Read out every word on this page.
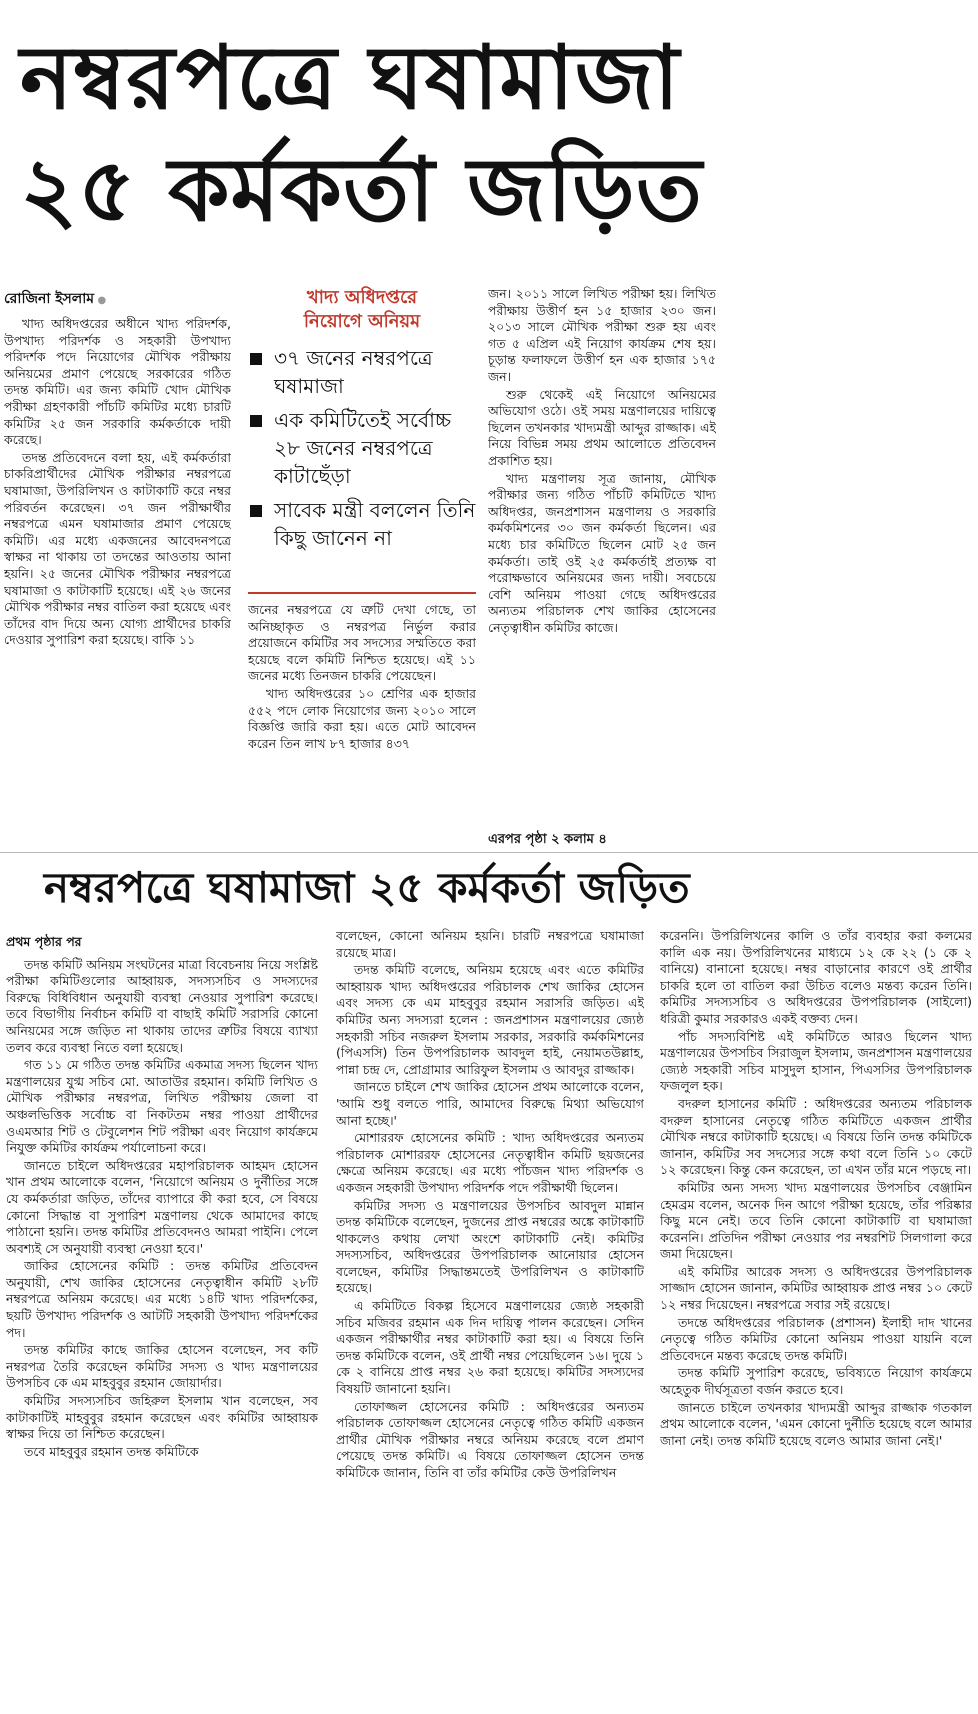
নম্বরপত্রে ঘষামাজা
২৫ কর্মকর্তা জড়িত
রোজিনা ইসলাম ●

খাদ্য অধিদপ্তরের অধীনে খাদ্য পরিদর্শক, উপখাদ্য পরিদর্শক ও সহকারী উপখাদ্য পরিদর্শক পদে নিয়োগের মৌখিক পরীক্ষায় অনিয়মের প্রমাণ পেয়েছে সরকারের গঠিত তদন্ত কমিটি। এর জন্য কমিটি খোদ মৌখিক পরীক্ষা গ্রহণকারী পাঁচটি কমিটির মধ্যে চারটি কমিটির ২৫ জন সরকারি কর্মকর্তাকে দায়ী করেছে।

তদন্ত প্রতিবেদনে বলা হয়, এই কর্মকর্তারা চাকরিপ্রার্থীদের মৌখিক পরীক্ষার নম্বরপত্রে ঘষামাজা, উপরিলিখন ও কাটাকাটি করে নম্বর পরিবর্তন করেছেন। ৩৭ জন পরীক্ষার্থীর নম্বরপত্রে এমন ঘষামাজার প্রমাণ পেয়েছে কমিটি। এর মধ্যে একজনের আবেদনপত্রে স্বাক্ষর না থাকায় তা তদন্তের আওতায় আনা হয়নি। ২৫ জনের মৌখিক পরীক্ষার নম্বরপত্রে ঘষামাজা ও কাটাকাটি হয়েছে। এই ২৬ জনের মৌখিক পরীক্ষার নম্বর বাতিল করা হয়েছে এবং তাঁদের বাদ দিয়ে অন্য যোগ্য প্রার্থীদের চাকরি দেওয়ার সুপারিশ করা হয়েছে। বাকি ১১

খাদ্য অধিদপ্তরে
নিয়োগে অনিয়ম
৩৭ জনের নম্বরপত্রে ঘষামাজা
এক কমিটিতেই সর্বোচ্চ ২৮ জনের নম্বরপত্রে কাটাছেঁড়া
সাবেক মন্ত্রী বললেন তিনি কিছু জানেন না

জনের নম্বরপত্রে যে ত্রুটি দেখা গেছে, তা অনিচ্ছাকৃত ও নম্বরপত্র নির্ভুল করার প্রয়োজনে কমিটির সব সদস্যের সম্মতিতে করা হয়েছে বলে কমিটি নিশ্চিত হয়েছে। এই ১১ জনের মধ্যে তিনজন চাকরি পেয়েছেন।

খাদ্য অধিদপ্তরের ১০ শ্রেণির এক হাজার ৫৫২ পদে লোক নিয়োগের জন্য ২০১০ সালে বিজ্ঞপ্তি জারি করা হয়। এতে মোট আবেদন করেন তিন লাখ ৮৭ হাজার ৪৩৭

জন। ২০১১ সালে লিখিত পরীক্ষা হয়। লিখিত পরীক্ষায় উত্তীর্ণ হন ১৫ হাজার ২৩০ জন। ২০১৩ সালে মৌখিক পরীক্ষা শুরু হয় এবং গত ৫ এপ্রিল এই নিয়োগ কার্যক্রম শেষ হয়। চূড়ান্ত ফলাফলে উত্তীর্ণ হন এক হাজার ১৭৫ জন।

শুরু থেকেই এই নিয়োগে অনিয়মের অভিযোগ ওঠে। ওই সময় মন্ত্রণালয়ের দায়িত্বে ছিলেন তখনকার খাদ্যমন্ত্রী আব্দুর রাজ্জাক। এই নিয়ে বিভিন্ন সময় প্রথম আলোতে প্রতিবেদন প্রকাশিত হয়।

খাদ্য মন্ত্রণালয় সূত্র জানায়, মৌখিক পরীক্ষার জন্য গঠিত পাঁচটি কমিটিতে খাদ্য অধিদপ্তর, জনপ্রশাসন মন্ত্রণালয় ও সরকারি কর্মকমিশনের ৩০ জন কর্মকর্তা ছিলেন। এর মধ্যে চার কমিটিতে ছিলেন মোট ২৫ জন কর্মকর্তা। তাই ওই ২৫ কর্মকর্তাই প্রত্যক্ষ বা পরোক্ষভাবে অনিয়মের জন্য দায়ী। সবচেয়ে বেশি অনিয়ম পাওয়া গেছে অধিদপ্তরের অন্যতম পরিচালক শেখ জাকির হোসেনের নেতৃত্বাধীন কমিটির কাজে।

এরপর পৃষ্ঠা ২ কলাম ৪
নম্বরপত্রে ঘষামাজা ২৫ কর্মকর্তা জড়িত

প্রথম পৃষ্ঠার পর

তদন্ত কমিটি অনিয়ম সংঘটনের মাত্রা বিবেচনায় নিয়ে সংশ্লিষ্ট পরীক্ষা কমিটিগুলোর আহ্বায়ক, সদস্যসচিব ও সদস্যদের বিরুদ্ধে বিধিবিধান অনুযায়ী ব্যবস্থা নেওয়ার সুপারিশ করেছে। তবে বিভাগীয় নির্বাচন কমিটি বা বাছাই কমিটি সরাসরি কোনো অনিয়মের সঙ্গে জড়িত না থাকায় তাদের ত্রুটির বিষয়ে ব্যাখ্যা তলব করে ব্যবস্থা নিতে বলা হয়েছে।

গত ১১ মে গঠিত তদন্ত কমিটির একমাত্র সদস্য ছিলেন খাদ্য মন্ত্রণালয়ের যুগ্ম সচিব মো. আতাউর রহমান। কমিটি লিখিত ও মৌখিক পরীক্ষার নম্বরপত্র, লিখিত পরীক্ষায় জেলা বা অঞ্চলভিত্তিক সর্বোচ্চ বা নিকটতম নম্বর পাওয়া প্রার্থীদের ওএমআর শিট ও টেবুলেশন শিট পরীক্ষা এবং নিয়োগ কার্যক্রমে নিযুক্ত কমিটির কার্যক্রম পর্যালোচনা করে।

জানতে চাইলে অধিদপ্তরের মহাপরিচালক আহমদ হোসেন খান প্রথম আলোকে বলেন, 'নিয়োগে অনিয়ম ও দুর্নীতির সঙ্গে যে কর্মকর্তারা জড়িত, তাঁদের ব্যাপারে কী করা হবে, সে বিষয়ে কোনো সিদ্ধান্ত বা সুপারিশ মন্ত্রণালয় থেকে আমাদের কাছে পাঠানো হয়নি। তদন্ত কমিটির প্রতিবেদনও আমরা পাইনি। পেলে অবশ্যই সে অনুযায়ী ব্যবস্থা নেওয়া হবে।'

জাকির হোসেনের কমিটি : তদন্ত কমিটির প্রতিবেদন অনুযায়ী, শেখ জাকির হোসেনের নেতৃত্বাধীন কমিটি ২৮টি নম্বরপত্রে অনিয়ম করেছে। এর মধ্যে ১৪টি খাদ্য পরিদর্শকের, ছয়টি উপখাদ্য পরিদর্শক ও আটটি সহকারী উপখাদ্য পরিদর্শকের পদ।

তদন্ত কমিটির কাছে জাকির হোসেন বলেছেন, সব কটি নম্বরপত্র তৈরি করেছেন কমিটির সদস্য ও খাদ্য মন্ত্রণালয়ের উপসচিব কে এম মাহবুবুর রহমান জোয়ার্দার।

কমিটির সদস্যসচিব জহিরুল ইসলাম খান বলেছেন, সব কাটাকাটিই মাহবুবুর রহমান করেছেন এবং কমিটির আহ্বায়ক স্বাক্ষর দিয়ে তা নিশ্চিত করেছেন।

তবে মাহবুবুর রহমান তদন্ত কমিটিকে

বলেছেন, কোনো অনিয়ম হয়নি। চারটি নম্বরপত্রে ঘষামাজা রয়েছে মাত্র।

তদন্ত কমিটি বলেছে, অনিয়ম হয়েছে এবং এতে কমিটির আহ্বায়ক খাদ্য অধিদপ্তরের পরিচালক শেখ জাকির হোসেন এবং সদস্য কে এম মাহবুবুর রহমান সরাসরি জড়িত। এই কমিটির অন্য সদস্যরা হলেন : জনপ্রশাসন মন্ত্রণালয়ের জ্যেষ্ঠ সহকারী সচিব নজরুল ইসলাম সরকার, সরকারি কর্মকমিশনের (পিএসসি) তিন উপপরিচালক আবদুল হাই, নেয়ামতউল্লাহ, পান্না চন্দ্র দে, প্রোগ্রামার আরিফুল ইসলাম ও আবদুর রাজ্জাক।

জানতে চাইলে শেখ জাকির হোসেন প্রথম আলোকে বলেন, 'আমি শুধু বলতে পারি, আমাদের বিরুদ্ধে মিথ্যা অভিযোগ আনা হচ্ছে।'

মোশাররফ হোসেনের কমিটি : খাদ্য অধিদপ্তরের অন্যতম পরিচালক মোশাররফ হোসেনের নেতৃত্বাধীন কমিটি ছয়জনের ক্ষেত্রে অনিয়ম করেছে। এর মধ্যে পাঁচজন খাদ্য পরিদর্শক ও একজন সহকারী উপখাদ্য পরিদর্শক পদে পরীক্ষার্থী ছিলেন।

কমিটির সদস্য ও মন্ত্রণালয়ের উপসচিব আবদুল মান্নান তদন্ত কমিটিকে বলেছেন, দুজনের প্রাপ্ত নম্বরের অঙ্কে কাটাকাটি থাকলেও কথায় লেখা অংশে কাটাকাটি নেই। কমিটির সদস্যসচিব, অধিদপ্তরের উপপরিচালক আনোয়ার হোসেন বলেছেন, কমিটির সিদ্ধান্তমতেই উপরিলিখন ও কাটাকাটি হয়েছে।

এ কমিটিতে বিকল্প হিসেবে মন্ত্রণালয়ের জ্যেষ্ঠ সহকারী সচিব মজিবর রহমান এক দিন দায়িত্ব পালন করেছেন। সেদিন একজন পরীক্ষার্থীর নম্বর কাটাকাটি করা হয়। এ বিষয়ে তিনি তদন্ত কমিটিকে বলেন, ওই প্রার্থী নম্বর পেয়েছিলেন ১৬। দুয়ে ১ কে ২ বানিয়ে প্রাপ্ত নম্বর ২৬ করা হয়েছে। কমিটির সদস্যদের বিষয়টি জানানো হয়নি।

তোফাজ্জল হোসেনের কমিটি : অধিদপ্তরের অন্যতম পরিচালক তোফাজ্জল হোসেনের নেতৃত্বে গঠিত কমিটি একজন প্রার্থীর মৌখিক পরীক্ষার নম্বরে অনিয়ম করেছে বলে প্রমাণ পেয়েছে তদন্ত কমিটি। এ বিষয়ে তোফাজ্জল হোসেন তদন্ত কমিটিকে জানান, তিনি বা তাঁর কমিটির কেউ উপরিলিখন

করেননি। উপরিলিখনের কালি ও তাঁর ব্যবহার করা কলমের কালি এক নয়। উপরিলিখনের মাধ্যমে ১২ কে ২২ (১ কে ২ বানিয়ে) বানানো হয়েছে। নম্বর বাড়ানোর কারণে ওই প্রার্থীর চাকরি হলে তা বাতিল করা উচিত বলেও মন্তব্য করেন তিনি। কমিটির সদস্যসচিব ও অধিদপ্তরের উপপরিচালক (সাইলো) ধরিত্রী কুমার সরকারও একই বক্তব্য দেন।

পাঁচ সদস্যবিশিষ্ট এই কমিটিতে আরও ছিলেন খাদ্য মন্ত্রণালয়ের উপসচিব সিরাজুল ইসলাম, জনপ্রশাসন মন্ত্রণালয়ের জ্যেষ্ঠ সহকারী সচিব মাসুদুল হাসান, পিএসসির উপপরিচালক ফজলুল হক।

বদরুল হাসানের কমিটি : অধিদপ্তরের অন্যতম পরিচালক বদরুল হাসানের নেতৃত্বে গঠিত কমিটিতে একজন প্রার্থীর মৌখিক নম্বরে কাটাকাটি হয়েছে। এ বিষয়ে তিনি তদন্ত কমিটিকে জানান, কমিটির সব সদস্যের সঙ্গে কথা বলে তিনি ১০ কেটে ১২ করেছেন। কিন্তু কেন করেছেন, তা এখন তাঁর মনে পড়ছে না।

কমিটির অন্য সদস্য খাদ্য মন্ত্রণালয়ের উপসচিব বেঞ্জামিন হেমব্রম বলেন, অনেক দিন আগে পরীক্ষা হয়েছে, তাঁর পরিষ্কার কিছু মনে নেই। তবে তিনি কোনো কাটাকাটি বা ঘষামাজা করেননি। প্রতিদিন পরীক্ষা নেওয়ার পর নম্বরশিট সিলগালা করে জমা দিয়েছেন।

এই কমিটির আরেক সদস্য ও অধিদপ্তরের উপপরিচালক সাজ্জাদ হোসেন জানান, কমিটির আহ্বায়ক প্রাপ্ত নম্বর ১০ কেটে ১২ নম্বর দিয়েছেন। নম্বরপত্রে সবার সই রয়েছে।

তদন্তে অধিদপ্তরের পরিচালক (প্রশাসন) ইলাহী দাদ খানের নেতৃত্বে গঠিত কমিটির কোনো অনিয়ম পাওয়া যায়নি বলে প্রতিবেদনে মন্তব্য করেছে তদন্ত কমিটি।

তদন্ত কমিটি সুপারিশ করেছে, ভবিষ্যতে নিয়োগ কার্যক্রমে অহেতুক দীর্ঘসূত্রতা বর্জন করতে হবে।

জানতে চাইলে তখনকার খাদ্যমন্ত্রী আব্দুর রাজ্জাক গতকাল প্রথম আলোকে বলেন, 'এমন কোনো দুর্নীতি হয়েছে বলে আমার জানা নেই। তদন্ত কমিটি হয়েছে বলেও আমার জানা নেই।'
